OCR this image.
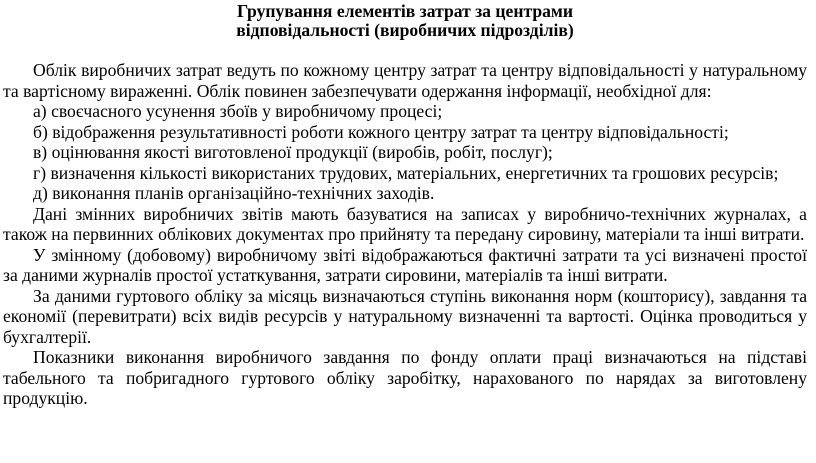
Групування елементів затрат за центрами
відповідальності (виробничих підрозділів)

Облік виробничих затрат ведуть по кожному центру затрат та центру відповідальності у натуральному та вартісному вираженні. Облік повинен забезпечувати одержання інформації, необхідної для:

а) своєчасного усунення збоїв у виробничому процесі;
б) відображення результативності роботи кожного центру затрат та центру відповідальності;
в) оцінювання якості виготовленої продукції (виробів, робіт, послуг);
г) визначення кількості використаних трудових, матеріальних, енергетичних та грошових ресурсів;
д) виконання планів організаційно-технічних заходів.

Дані змінних виробничих звітів мають базуватися на записах у виробничо-технічних журналах, а також на первинних облікових документах про прийняту та передану сировину, матеріали та інші витрати.

У змінному (добовому) виробничому звіті відображаються фактичні затрати та усі визначені простої за даними журналів простої устаткування, затрати сировини, матеріалів та інші витрати.

За даними гуртового обліку за місяць визначаються ступінь виконання норм (кошторису), завдання та економії (перевитрати) всіх видів ресурсів у натуральному визначенні та вартості. Оцінка проводиться у бухгалтерії.

Показники виконання виробничого завдання по фонду оплати праці визначаються на підставі табельного та побригадного гуртового обліку заробітку, нарахованого по нарядах за виготовлену продукцію.
